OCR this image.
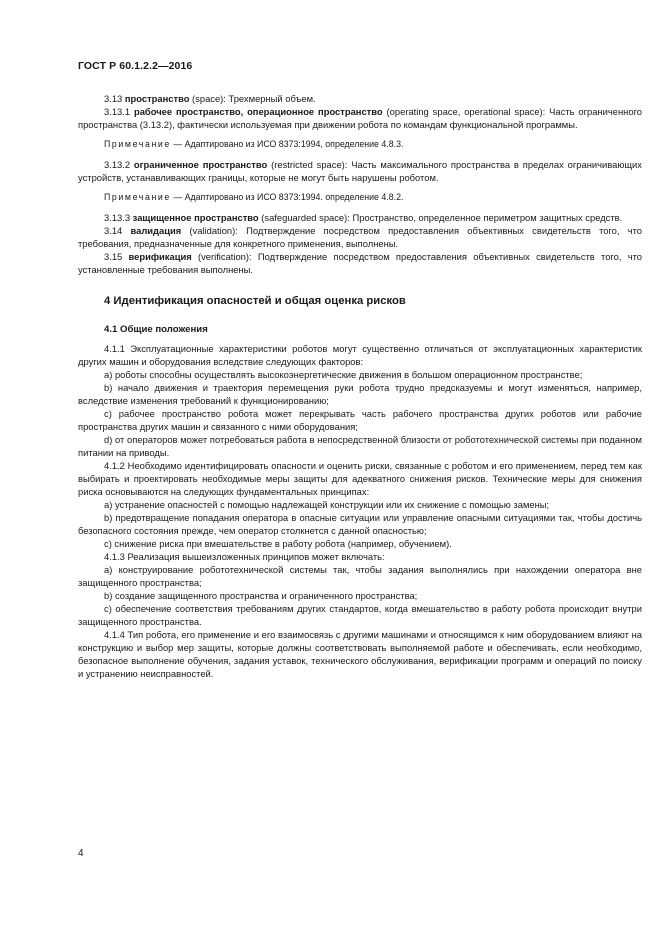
ГОСТ Р 60.1.2.2—2016

3.13 пространство (space): Трехмерный объем.

3.13.1 рабочее пространство, операционное пространство (operating space, operational space): Часть ограниченного пространства (3.13.2), фактически используемая при движении робота по командам функциональной программы.

Примечание — Адаптировано из ИСО 8373:1994, определение 4.8.3.

3.13.2 ограниченное пространство (restricted space): Часть максимального пространства в пределах ограничивающих устройств, устанавливающих границы, которые не могут быть нарушены роботом.

Примечание — Адаптировано из ИСО 8373:1994. определение 4.8.2.

3.13.3 защищенное пространство (safeguarded space): Пространство, определенное периметром защитных средств.

3.14 валидация (validation): Подтверждение посредством предоставления объективных свидетельств того, что требования, предназначенные для конкретного применения, выполнены.

3.15 верификация (verification): Подтверждение посредством предоставления объективных свидетельств того, что установленные требования выполнены.

4 Идентификация опасностей и общая оценка рисков

4.1 Общие положения

4.1.1 Эксплуатационные характеристики роботов могут существенно отличаться от эксплуатационных характеристик других машин и оборудования вследствие следующих факторов:

a) роботы способны осуществлять высокоэнергетические движения в большом операционном пространстве;

b) начало движения и траектория перемещения руки робота трудно предсказуемы и могут изменяться, например, вследствие изменения требований к функционированию;

c) рабочее пространство робота может перекрывать часть рабочего пространства других роботов или рабочие пространства других машин и связанного с ними оборудования;

d) от операторов может потребоваться работа в непосредственной близости от робототехнической системы при поданном питании на приводы.

4.1.2 Необходимо идентифицировать опасности и оценить риски, связанные с роботом и его применением, перед тем как выбирать и проектировать необходимые меры защиты для адекватного снижения рисков. Технические меры для снижения риска основываются на следующих фундаментальных принципах:

a) устранение опасностей с помощью надлежащей конструкции или их снижение с помощью замены;

b) предотвращение попадания оператора в опасные ситуации или управление опасными ситуациями так, чтобы достичь безопасного состояния прежде, чем оператор столкнется с данной опасностью;

c) снижение риска при вмешательстве в работу робота (например, обучением).

4.1.3 Реализация вышеизложенных принципов может включать:

a) конструирование робототехнической системы так, чтобы задания выполнялись при нахождении оператора вне защищенного пространства;

b) создание защищенного пространства и ограниченного пространства;

c) обеспечение соответствия требованиям других стандартов, когда вмешательство в работу робота происходит внутри защищенного пространства.

4.1.4 Тип робота, его применение и его взаимосвязь с другими машинами и относящимся к ним оборудованием влияют на конструкцию и выбор мер защиты, которые должны соответствовать выполняемой работе и обеспечивать, если необходимо, безопасное выполнение обучения, задания уставок, технического обслуживания, верификации программ и операций по поиску и устранению неисправностей.

4
